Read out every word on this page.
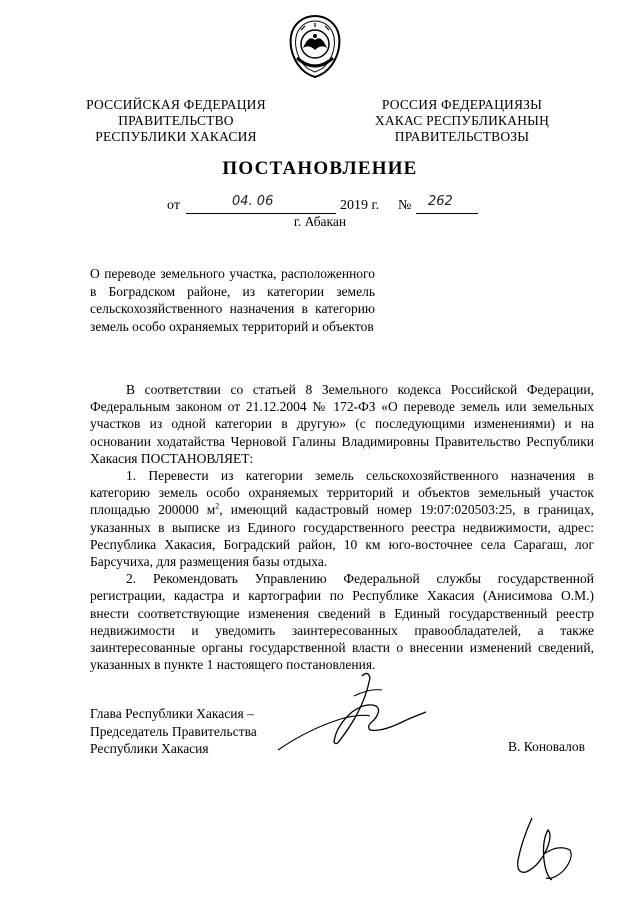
РОССИЙСКАЯ ФЕДЕРАЦИЯ
ПРАВИТЕЛЬСТВО
РЕСПУБЛИКИ ХАКАСИЯ
РОССИЯ ФЕДЕРАЦИЯЗЫ
ХАКАС РЕСПУБЛИКАНЫҢ
ПРАВИТЕЛЬСТВОЗЫ
ПОСТАНОВЛЕНИЕ
от	04. 06	2019 г. № 262
г. Абакан
О переводе земельного участка, расположенного в Боградском районе, из категории земель сельскохозяйственного назначения в категорию земель особо охраняемых территорий и объектов

В соответствии со статьей 8 Земельного кодекса Российской Федерации, Федеральным законом от 21.12.2004 № 172-ФЗ «О переводе земель или земельных участков из одной категории в другую» (с последующими изменениями) и на основании ходатайства Черновой Галины Владимировны Правительство Республики Хакасия ПОСТАНОВЛЯЕТ:

1. Перевести из категории земель сельскохозяйственного назначения в категорию земель особо охраняемых территорий и объектов земельный участок площадью 200000 $м^2$, имеющий кадастровый номер 19:07:020503:25, в границах, указанных в выписке из Единого государственного реестра недвижимости, адрес: Республика Хакасия, Боградский район, 10 км юго-восточнее села Сарагаш, лог Барсучиха, для размещения базы отдыха.

2. Рекомендовать Управлению Федеральной службы государственной регистрации, кадастра и картографии по Республике Хакасия (Анисимова О.М.) внести соответствующие изменения сведений в Единый государственный реестр недвижимости и уведомить заинтересованных правообладателей, а также заинтересованные органы государственной власти о внесении изменений сведений, указанных в пункте 1 настоящего постановления.

Глава Республики Хакасия –
Председатель Правительства
Республики Хакасия	В. Коновалов
